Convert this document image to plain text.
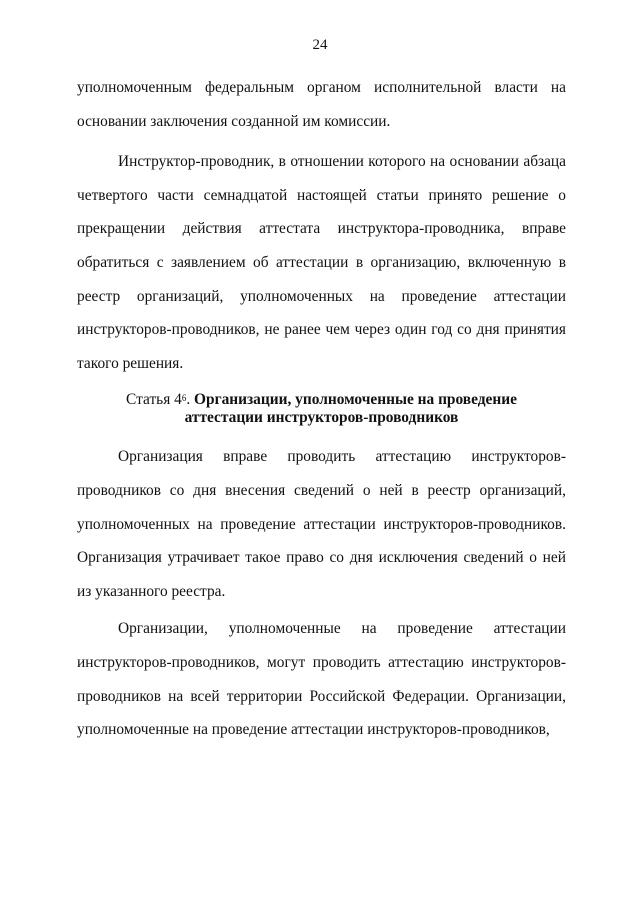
24

уполномоченным федеральным органом исполнительной власти на основании заключения созданной им комиссии.

Инструктор-проводник, в отношении которого на основании абзаца четвертого части семнадцатой настоящей статьи принято решение о прекращении действия аттестата инструктора-проводника, вправе обратиться с заявлением об аттестации в организацию, включенную в реестр организаций, уполномоченных на проведение аттестации инструкторов-проводников, не ранее чем через один год со дня принятия такого решения.

Статья $4^6$. Организации, уполномоченные на проведение
аттестации инструкторов-проводников

Организация вправе проводить аттестацию инструкторов-проводников со дня внесения сведений о ней в реестр организаций, уполномоченных на проведение аттестации инструкторов-проводников. Организация утрачивает такое право со дня исключения сведений о ней из указанного реестра.

Организации, уполномоченные на проведение аттестации инструкторов-проводников, могут проводить аттестацию инструкторов-проводников на всей территории Российской Федерации. Организации, уполномоченные на проведение аттестации инструкторов-проводников,
